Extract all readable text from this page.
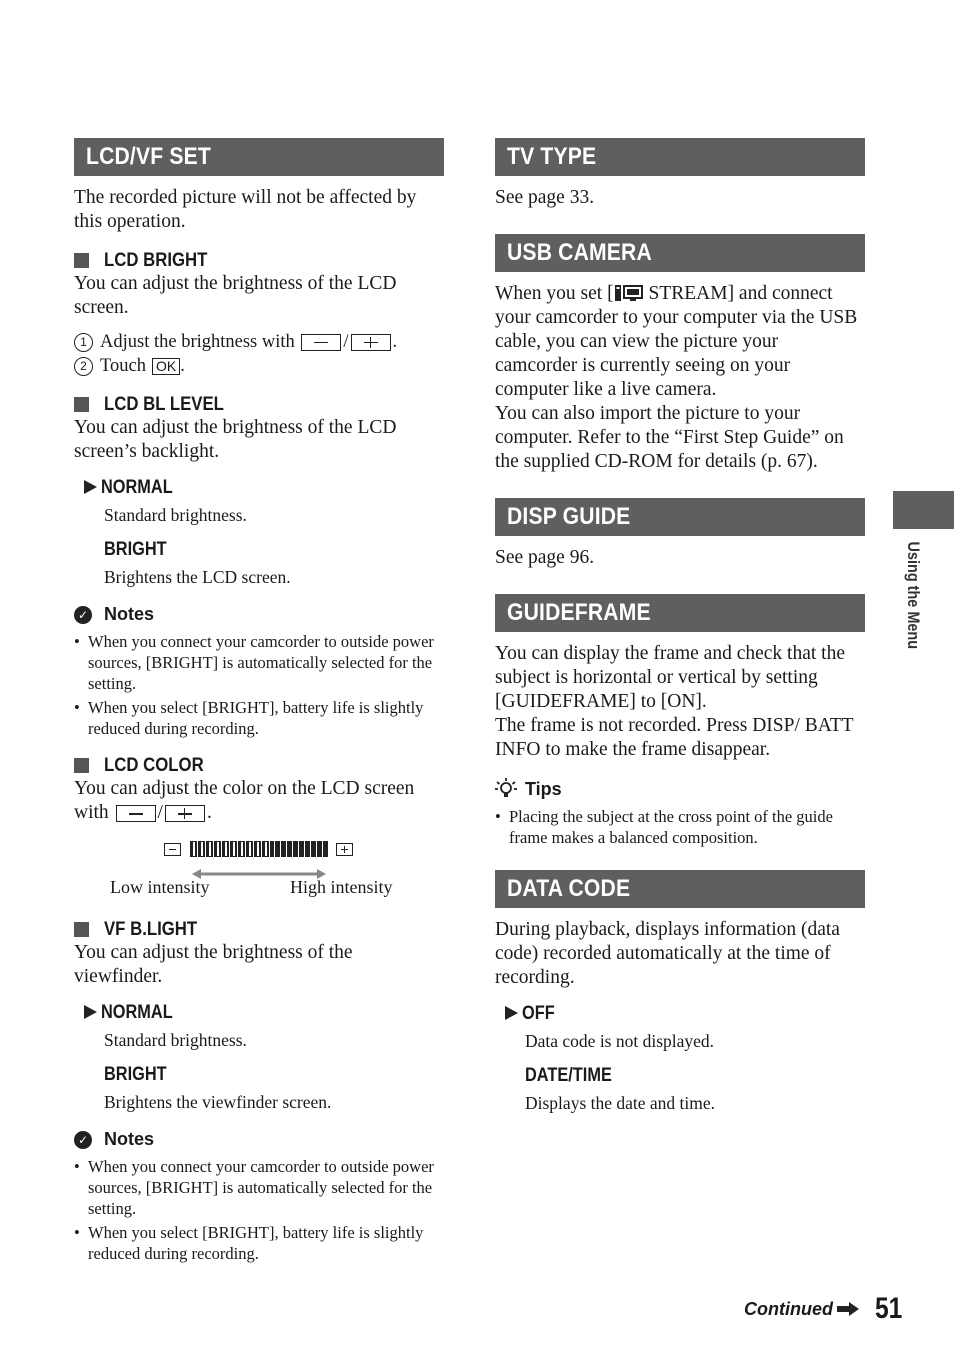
LCD/VF SET

The recorded picture will not be affected by this operation.

LCD BRIGHT

You can adjust the brightness of the LCD screen.

1 Adjust the brightness with
	/ .
2 Touch OK .
LCD BL LEVEL

You can adjust the brightness of the LCD screen’s backlight.

NORMAL
Standard brightness.
BRIGHT
Brightens the LCD screen.
✓ Notes
• When you connect your camcorder to outside power sources, [BRIGHT] is automatically selected for the setting.
• When you select [BRIGHT], battery life is slightly reduced during recording.
LCD COLOR

You can adjust the color on the LCD screen

with	/ .

Low intensity	High intensity
VF B.LIGHT

You can adjust the brightness of the viewfinder.

NORMAL
Standard brightness.
BRIGHT
Brightens the viewfinder screen.
✓ Notes
• When you connect your camcorder to outside power sources, [BRIGHT] is automatically selected for the setting.
• When you select [BRIGHT], battery life is slightly reduced during recording.
TV TYPE

See page 33.

USB CAMERA

When you set [ STREAM] and connect your camcorder to your computer via the USB cable, you can view the picture your camcorder is currently seeing on your computer like a live camera.

You can also import the picture to your computer. Refer to the “First Step Guide” on the supplied CD-ROM for details (p. 67).

DISP GUIDE

See page 96.

GUIDEFRAME

You can display the frame and check that the subject is horizontal or vertical by setting [GUIDEFRAME] to [ON].

The frame is not recorded. Press DISP/ BATT INFO to make the frame disappear.

Tips
• Placing the subject at the cross point of the guide frame makes a balanced composition.
DATA CODE

During playback, displays information (data code) recorded automatically at the time of recording.

OFF
Data code is not displayed.
DATE/TIME
Displays the date and time.
Using the Menu
Continued 51
